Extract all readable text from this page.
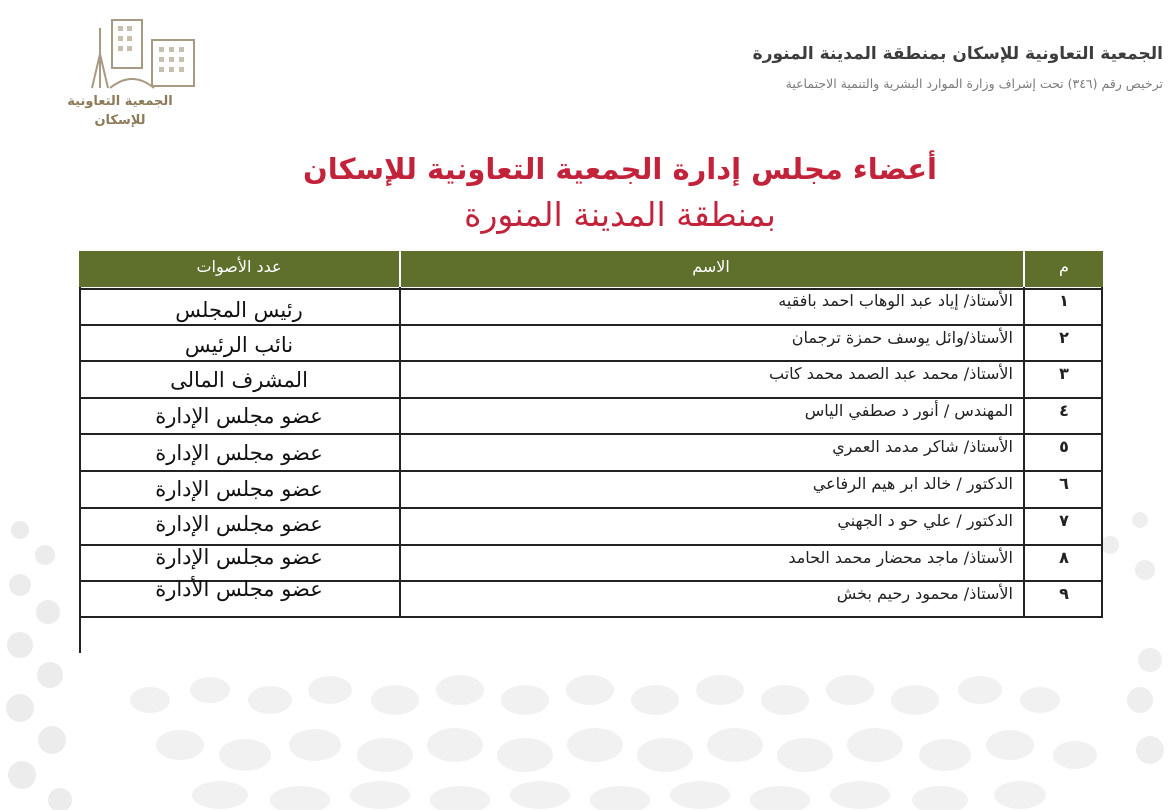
الجمعية التعاونية
للإسكان
الجمعية التعاونية للإسكان بمنطقة المدينة المنورة
ترخيص رقم (٣٤٦) تحت إشراف وزارة الموارد البشرية والتنمية الاجتماعية
أعضاء مجلس إدارة الجمعية التعاونية للإسكان
بمنطقة المدينة المنورة
عدد الأصوات	الاسم	م
١
الأستاذ/ إياد عبد الوهاب احمد بافقيه
رئيس المجلس
٢
الأستاذ/وائل يوسف حمزة ترجمان
نائب الرئيس
٣
الأستاذ/ محمد عبد الصمد محمد كاتب
المشرف المالى
٤
المهندس / أنور د صطفي الياس
عضو مجلس الإدارة
٥
الأستاذ/ شاكر مدمد العمري
عضو مجلس الإدارة
٦
الدكتور / خالد ابر هيم الرفاعي
عضو مجلس الإدارة
٧
الدكتور / علي حو د الجهني
عضو مجلس الإدارة
٨
الأستاذ/ ماجد محضار محمد الحامد
عضو مجلس الإدارة
٩
الأستاذ/ محمود رحيم بخش
عضو مجلس الأدارة
